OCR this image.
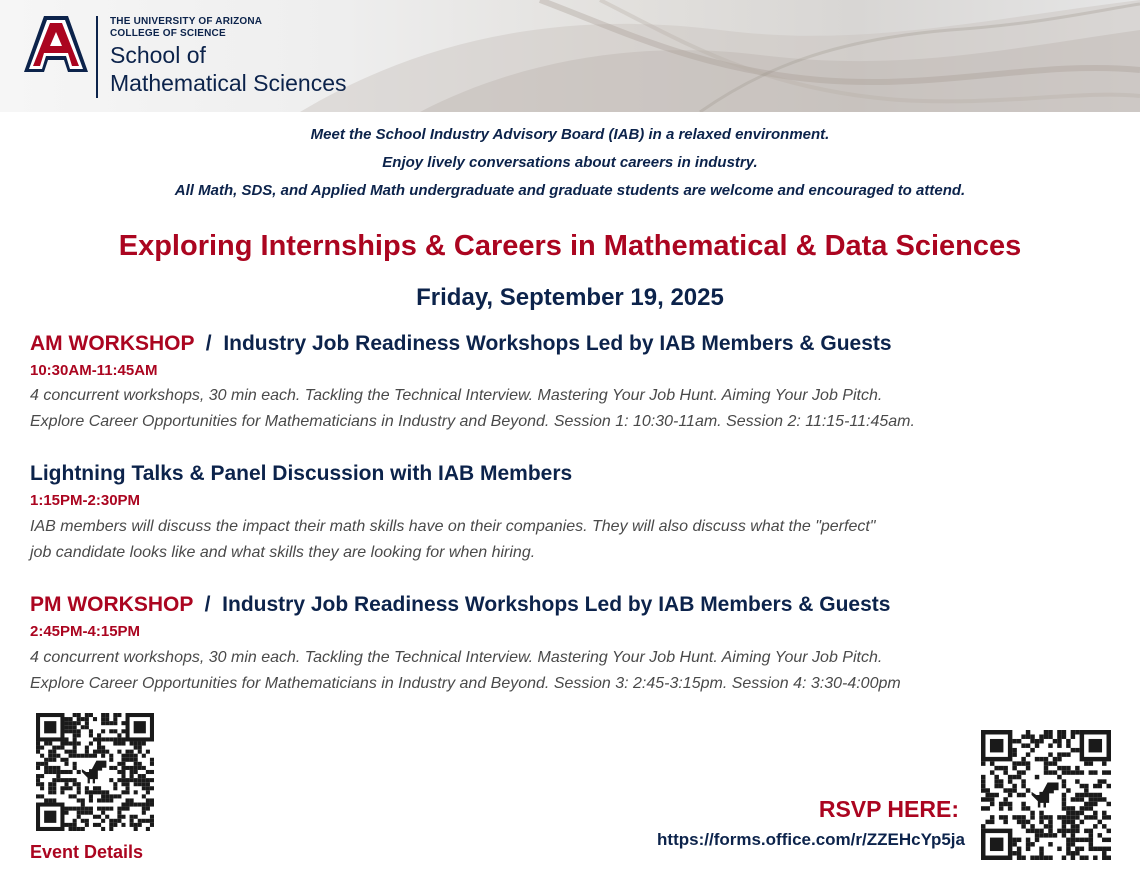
THE UNIVERSITY OF ARIZONA
COLLEGE OF SCIENCE
School of
Mathematical Sciences
Meet the School Industry Advisory Board (IAB) in a relaxed environment.
Enjoy lively conversations about careers in industry.
All Math, SDS, and Applied Math undergraduate and graduate students are welcome and encouraged to attend.
Exploring Internships & Careers in Mathematical & Data Sciences
Friday, September 19, 2025
AM WORKSHOP  /  Industry Job Readiness Workshops Led by IAB Members & Guests
10:30AM-11:45AM
4 concurrent workshops, 30 min each. Tackling the Technical Interview. Mastering Your Job Hunt. Aiming Your Job Pitch.
Explore Career Opportunities for Mathematicians in Industry and Beyond. Session 1: 10:30-11am. Session 2: 11:15-11:45am.
Lightning Talks & Panel Discussion with IAB Members
1:15PM-2:30PM
IAB members will discuss the impact their math skills have on their companies. They will also discuss what the "perfect"
job candidate looks like and what skills they are looking for when hiring.
PM WORKSHOP  /  Industry Job Readiness Workshops Led by IAB Members & Guests
2:45PM-4:15PM
4 concurrent workshops, 30 min each. Tackling the Technical Interview. Mastering Your Job Hunt. Aiming Your Job Pitch.
Explore Career Opportunities for Mathematicians in Industry and Beyond. Session 3: 2:45-3:15pm. Session 4: 3:30-4:00pm
Event Details
RSVP HERE:
https://forms.office.com/r/ZZEHcYp5ja
